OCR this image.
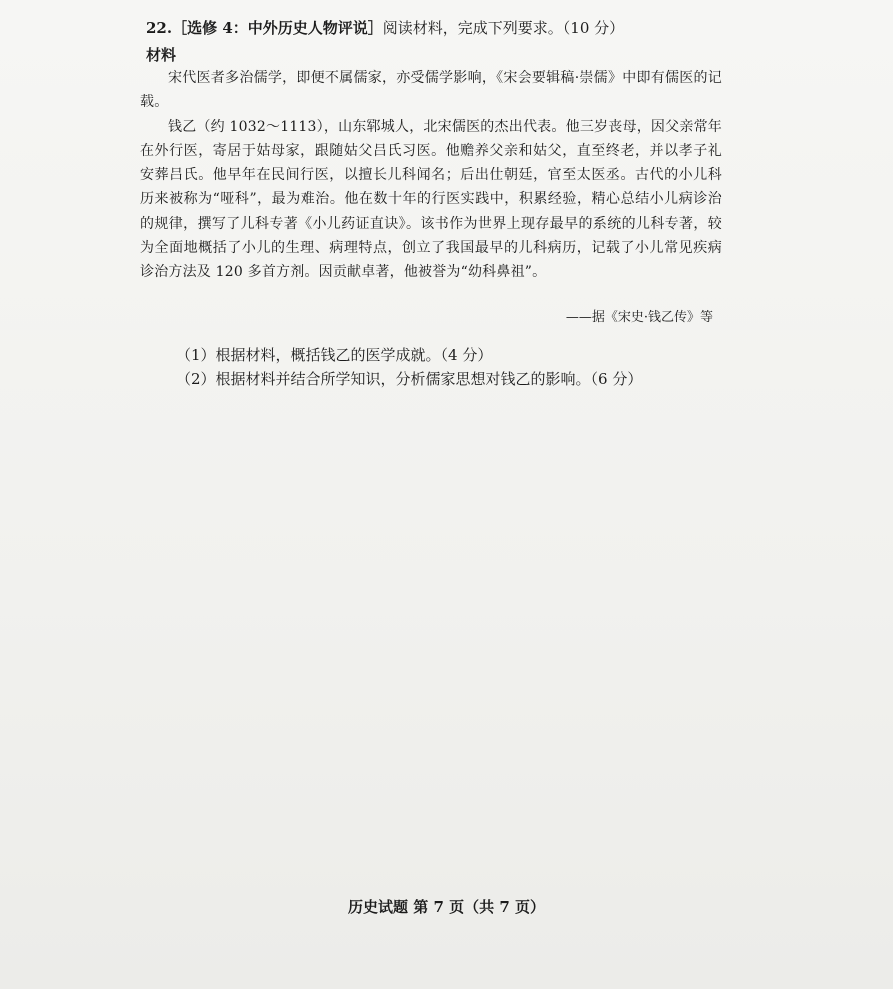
22.［选修 4：中外历史人物评说］阅读材料，完成下列要求。（10 分）
材料

宋代医者多治儒学，即便不属儒家，亦受儒学影响，《宋会要辑稿·崇儒》中即有儒医的记载。

钱乙（约 1032～1113），山东郓城人，北宋儒医的杰出代表。他三岁丧母，因父亲常年在外行医，寄居于姑母家，跟随姑父吕氏习医。他赡养父亲和姑父，直至终老，并以孝子礼安葬吕氏。他早年在民间行医，以擅长儿科闻名；后出仕朝廷，官至太医丞。古代的小儿科历来被称为“哑科”，最为难治。他在数十年的行医实践中，积累经验，精心总结小儿病诊治的规律，撰写了儿科专著《小儿药证直诀》。该书作为世界上现存最早的系统的儿科专著，较为全面地概括了小儿的生理、病理特点，创立了我国最早的儿科病历，记载了小儿常见疾病诊治方法及 120 多首方剂。因贡献卓著，他被誉为“幼科鼻祖”。

——据《宋史·钱乙传》等
（1）根据材料，概括钱乙的医学成就。（4 分）
（2）根据材料并结合所学知识，分析儒家思想对钱乙的影响。（6 分）
历史试题 第 7 页（共 7 页）
